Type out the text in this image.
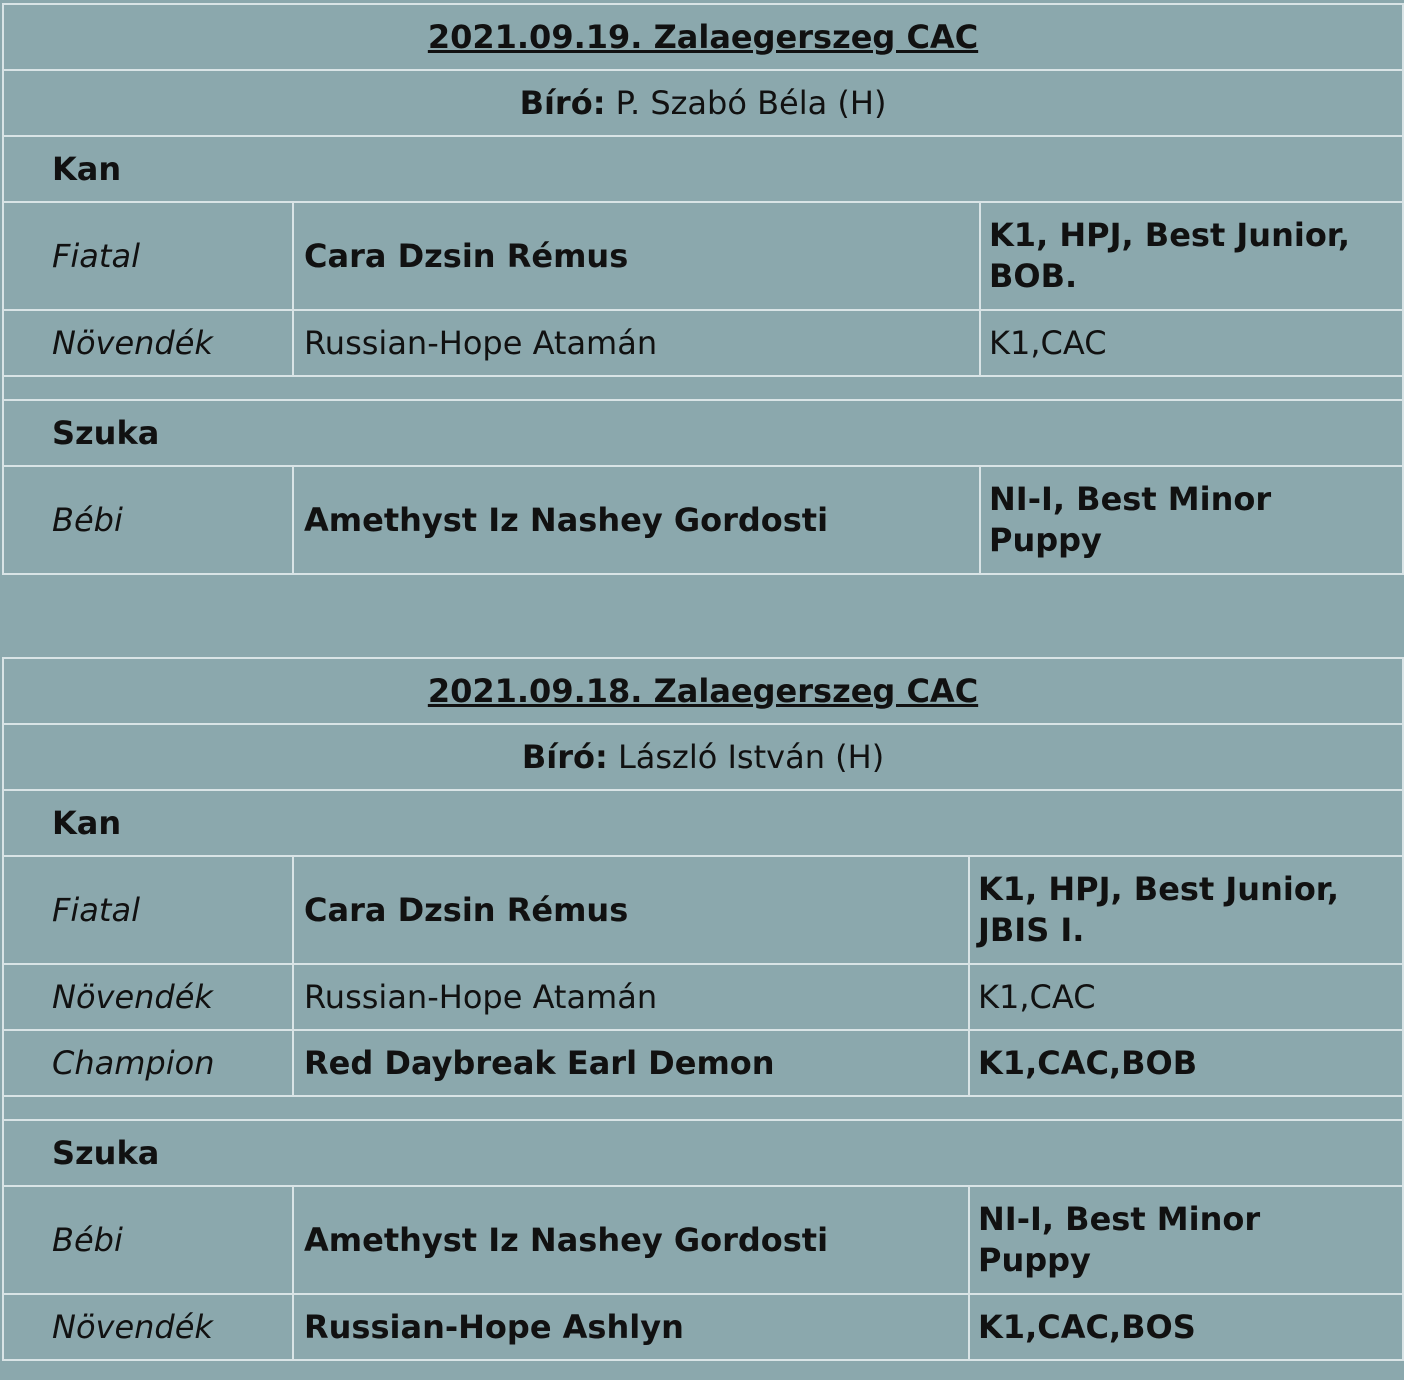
2021.09.19. Zalaegerszeg CAC		
Bíró: P. Szabó Béla (H)		
Kan		
Fiatal	Cara Dzsin Rémus	K1, HPJ, Best Junior, BOB.
Növendék	Russian-Hope Atamán	K1,CAC

Szuka		
Bébi	Amethyst Iz Nashey Gordosti	NI-I, Best Minor Puppy
2021.09.18. Zalaegerszeg CAC		
Bíró: László István (H)		
Kan		
Fiatal	Cara Dzsin Rémus	K1, HPJ, Best Junior, JBIS I.
Növendék	Russian-Hope Atamán	K1,CAC
Champion	Red Daybreak Earl Demon	K1,CAC,BOB

Szuka		
Bébi	Amethyst Iz Nashey Gordosti	NI-I, Best Minor Puppy
Növendék	Russian-Hope Ashlyn	K1,CAC,BOS
